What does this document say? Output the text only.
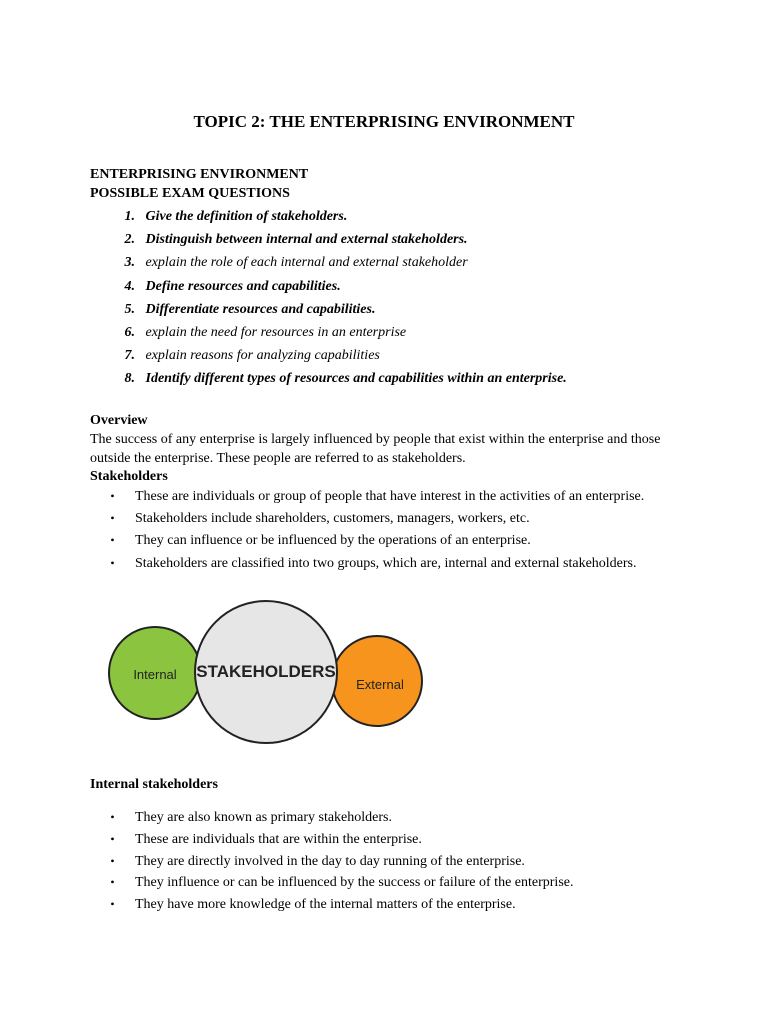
TOPIC 2: THE ENTERPRISING ENVIRONMENT
ENTERPRISING ENVIRONMENT
POSSIBLE EXAM QUESTIONS
1. Give the definition of stakeholders.
2. Distinguish between internal and external stakeholders.
3. explain the role of each internal and external stakeholder
4. Define resources and capabilities.
5. Differentiate resources and capabilities.
6. explain the need for resources in an enterprise
7. explain reasons for analyzing capabilities
8. Identify different types of resources and capabilities within an enterprise.
Overview
The success of any enterprise is largely influenced by people that exist within the enterprise and those
outside the enterprise. These people are referred to as stakeholders.
Stakeholders
• These are individuals or group of people that have interest in the activities of an enterprise.
• Stakeholders include shareholders, customers, managers, workers, etc.
• They can influence or be influenced by the operations of an enterprise.
• Stakeholders are classified into two groups, which are, internal and external stakeholders.
STAKEHOLDERS
Internal
External
Internal stakeholders
• They are also known as primary stakeholders.
• These are individuals that are within the enterprise.
• They are directly involved in the day to day running of the enterprise.
• They influence or can be influenced by the success or failure of the enterprise.
• They have more knowledge of the internal matters of the enterprise.
